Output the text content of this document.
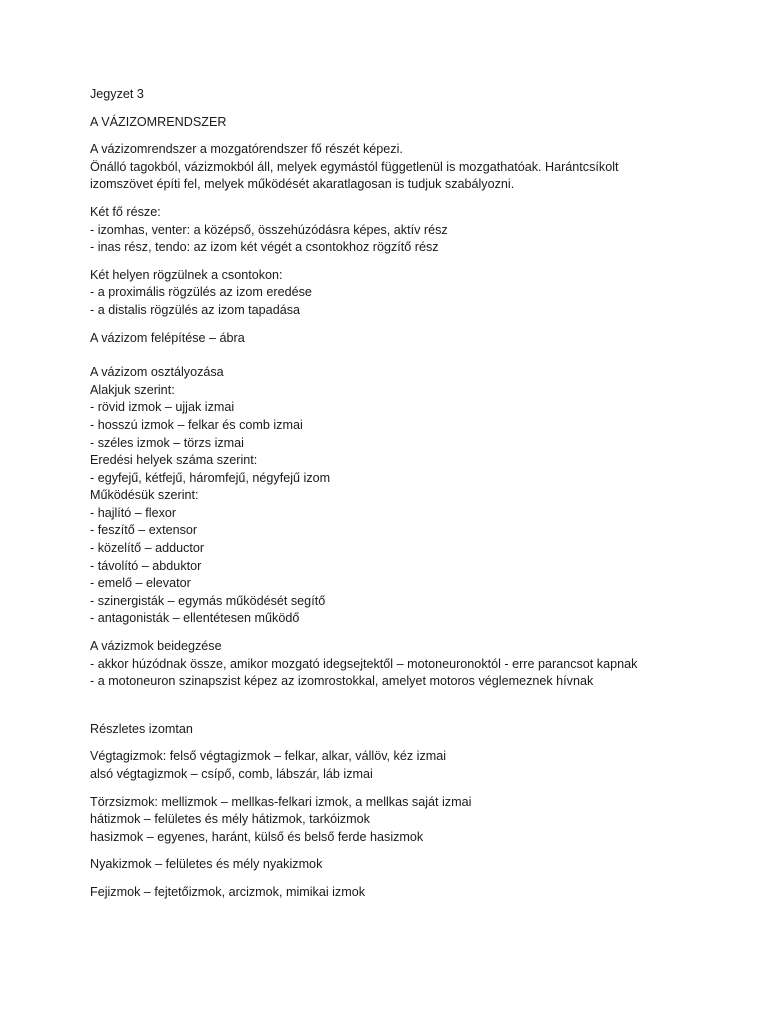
Jegyzet 3
A VÁZIZOMRENDSZER
A vázizomrendszer a mozgatórendszer fő részét képezi.
Önálló tagokból, vázizmokból áll, melyek egymástól függetlenül is mozgathatóak. Harántcsíkolt
izomszövet építi fel, melyek működését akaratlagosan is tudjuk szabályozni.
Két fő része:
- izomhas, venter: a középső, összehúzódásra képes, aktív rész
- inas rész, tendo: az izom két végét a csontokhoz rögzítő rész
Két helyen rögzülnek a csontokon:
- a proximális rögzülés az izom eredése
- a distalis rögzülés az izom tapadása
A vázizom felépítése – ábra
A vázizom osztályozása
Alakjuk szerint:
- rövid izmok – ujjak izmai
- hosszú izmok – felkar és comb izmai
- széles izmok – törzs izmai
Eredési helyek száma szerint:
- egyfejű, kétfejű, háromfejű, négyfejű izom
Működésük szerint:
- hajlító – flexor
- feszítő – extensor
- közelítő – adductor
- távolító – abduktor
- emelő – elevator
- szinergisták – egymás működését segítő
- antagonisták – ellentétesen működő
A vázizmok beidegzése
- akkor húzódnak össze, amikor mozgató idegsejtektől – motoneuronoktól - erre parancsot kapnak
- a motoneuron szinapszist képez az izomrostokkal, amelyet motoros véglemeznek hívnak
Részletes izomtan
Végtagizmok: felső végtagizmok – felkar, alkar, vállöv, kéz izmai
alsó végtagizmok – csípő, comb, lábszár, láb izmai
Törzsizmok: mellizmok – mellkas-felkari izmok, a mellkas saját izmai
hátizmok – felületes és mély hátizmok, tarkóizmok
hasizmok – egyenes, haránt, külső és belső ferde hasizmok
Nyakizmok – felületes és mély nyakizmok
Fejizmok – fejtetőizmok, arcizmok, mimikai izmok
